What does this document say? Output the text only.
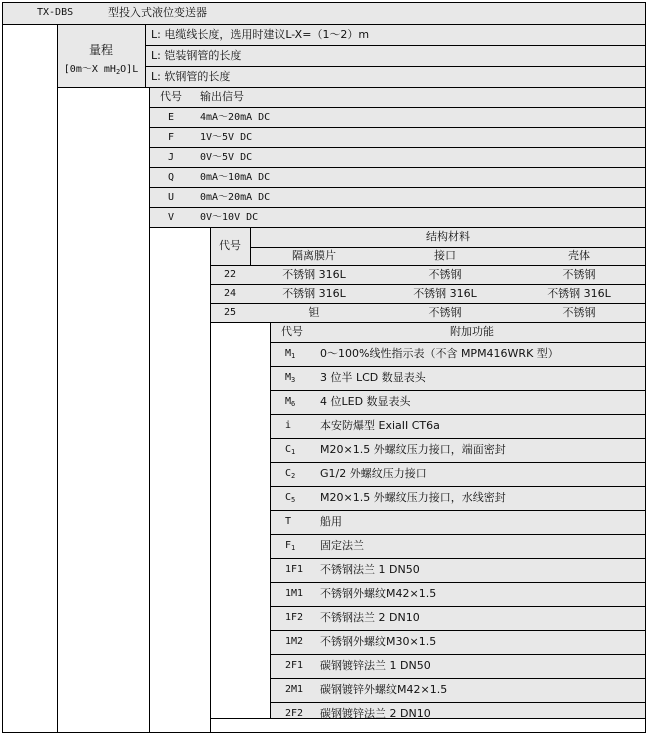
TX-DBS	型投入式液位变送器
量程
[0m～X $mH_2O]L$
L: 电缆线长度，选用时建议L-X=（1～2）m
L: 铠装钢管的长度
L: 软钢管的长度
代号 输出信号
E	4mA～20mA DC
F	1V～5V DC
J	0V～5V DC
Q	0mA～10mA DC
U	0mA～20mA DC
V	0V～10V DC
代号
结构材料
隔离膜片	接口	壳体
22	不锈钢 316L	不锈钢	不锈钢
24	不锈钢 316L	不锈钢 316L	不锈钢 316L
25	钽	不锈钢	不锈钢
代号	附加功能
$M_1$ 0～100%线性指示表（不含 MPM416WRK 型）
$M_3$ 3 位半 LCD 数显表头
$M_6$ 4 位LED 数显表头
i	本安防爆型 ExiaII CT6a
$C_1$ M20×1.5 外螺纹压力接口，端面密封
$C_2$ G1/2 外螺纹压力接口
$C_5$ M20×1.5 外螺纹压力接口，水线密封
T	船用
$F_1$ 固定法兰
1F1 不锈钢法兰 1 DN50
1M1 不锈钢外螺纹M42×1.5
1F2 不锈钢法兰 2 DN10
1M2 不锈钢外螺纹M30×1.5
2F1 碳钢镀锌法兰 1 DN50
2M1 碳钢镀锌外螺纹M42×1.5
2F2 碳钢镀锌法兰 2 DN10
